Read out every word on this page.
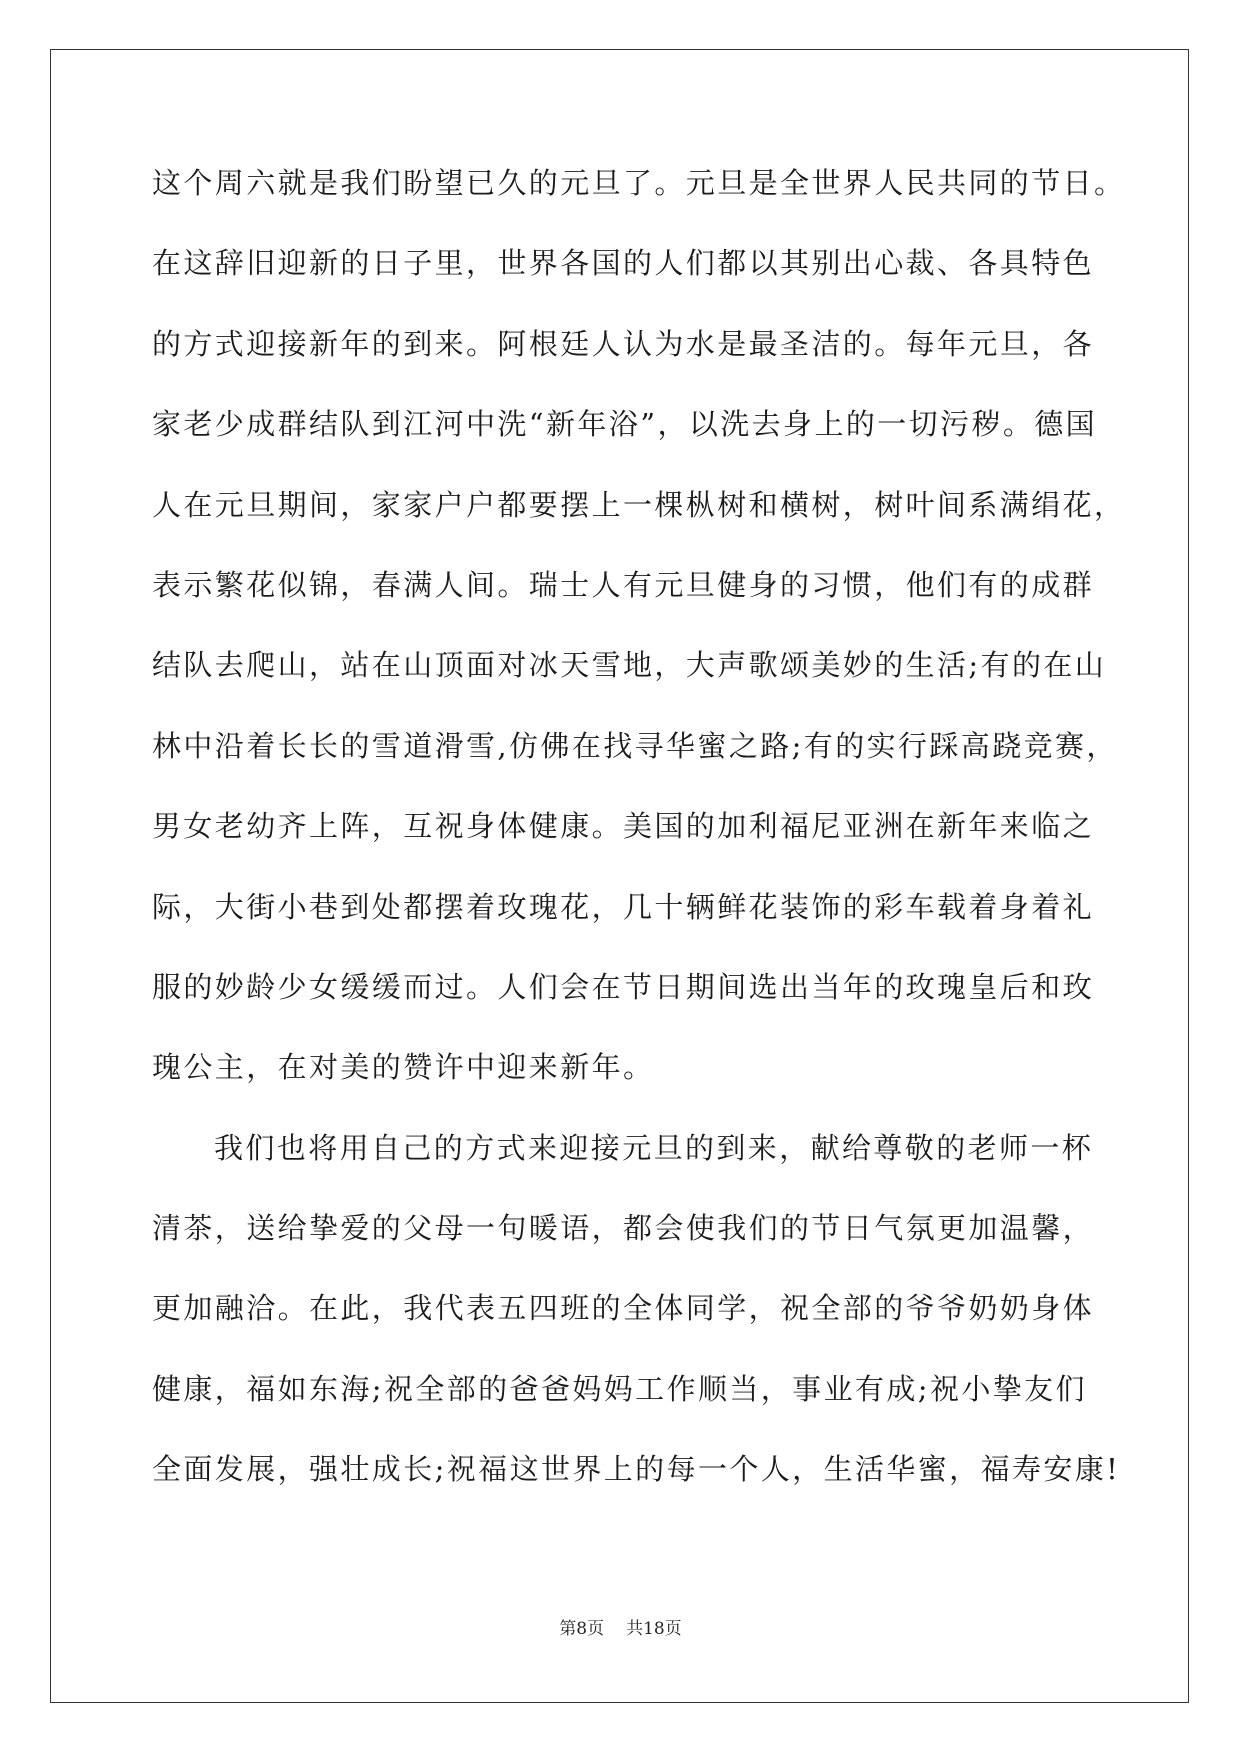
这个周六就是我们盼望已久的元旦了。元旦是全世界人民共同的节日。
在这辞旧迎新的日子里，世界各国的人们都以其别出心裁、各具特色
的方式迎接新年的到来。阿根廷人认为水是最圣洁的。每年元旦，各
家老少成群结队到江河中洗“新年浴”，以洗去身上的一切污秽。德国
人在元旦期间，家家户户都要摆上一棵枞树和横树，树叶间系满绢花，
表示繁花似锦，春满人间。瑞士人有元旦健身的习惯，他们有的成群
结队去爬山，站在山顶面对冰天雪地，大声歌颂美妙的生活;有的在山
林中沿着长长的雪道滑雪,仿佛在找寻华蜜之路;有的实行踩高跷竞赛，
男女老幼齐上阵，互祝身体健康。美国的加利福尼亚洲在新年来临之
际，大街小巷到处都摆着玫瑰花，几十辆鲜花装饰的彩车载着身着礼
服的妙龄少女缓缓而过。人们会在节日期间选出当年的玫瑰皇后和玫
瑰公主，在对美的赞许中迎来新年。
我们也将用自己的方式来迎接元旦的到来，献给尊敬的老师一杯
清茶，送给挚爱的父母一句暖语，都会使我们的节日气氛更加温馨，
更加融洽。在此，我代表五四班的全体同学，祝全部的爷爷奶奶身体
健康，福如东海;祝全部的爸爸妈妈工作顺当，事业有成;祝小挚友们
全面发展，强壮成长;祝福这世界上的每一个人，生活华蜜，福寿安康!
第8页 共18页
